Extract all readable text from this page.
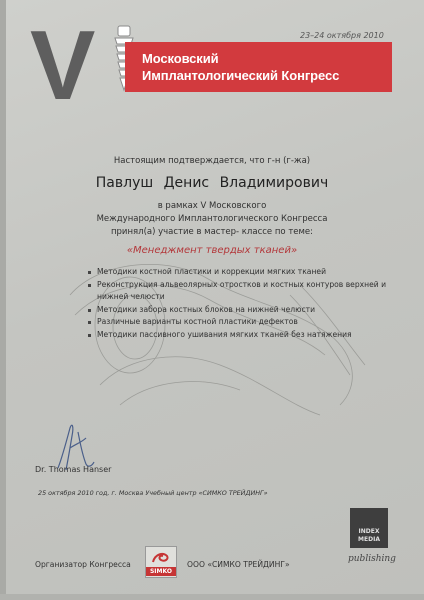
V	23–24 октября 2010
Московский
Имплантологический Конгресс
Настоящим подтверждается, что г-н (г-жа)
Павлуш Денис Владимирович
в рамках V Московского
Международного Имплантологического Конгресса
принял(а) участие в мастер- классе по теме:
«Менеджмент твердых тканей»
Методики костной пластики и коррекции мягких тканей
Реконструкция альвеолярных отростков и костных контуров верхней и нижней челюсти
Методики забора костных блоков на нижней челюсти
Различные варианты костной пластики дефектов
Методики пассивного ушивания мягких тканей без натяжения
Dr. Thomas Hanser
25 октября 2010 год, г. Москва Учебный центр «СИМКО ТРЕЙДИНГ»
Организатор Конгресса
SIMKO
ООО «СИМКО ТРЕЙДИНГ»
INDEX
MEDIA
publishing
